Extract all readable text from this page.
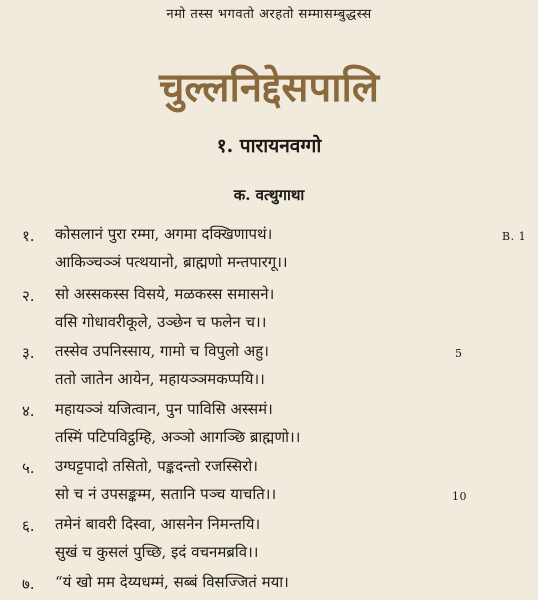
नमो तस्स भगवतो अरहतो सम्मासम्बुद्धस्स
चुल्लनिद्देसपालि
१. पारायनवग्गो
क. वत्थुगाथा
१. कोसलानं पुरा रम्मा, अगमा दक्खिणापथं।
आकिञ्चञ्ञं पत्थयानो, ब्राह्मणो मन्तपारगू।।
२. सो अस्सकस्स विसये, मळकस्स समासने।
वसि गोधावरीकूले, उञ्छेन च फलेन च।।
३. तस्सेव उपनिस्साय, गामो च विपुलो अहु।
ततो जातेन आयेन, महायञ्ञमकप्पयि।।
४. महायञ्ञं यजित्वान, पुन पाविसि अस्समं।
तस्मिं पटिपविट्ठम्हि, अञ्ञो आगञ्छि ब्राह्मणो।।
५. उग्घट्टपादो तसितो, पङ्कदन्तो रजस्सिरो।
सो च नं उपसङ्कम्म, सतानि पञ्च याचति।।
६. तमेनं बावरी दिस्वा, आसनेन निमन्तयि।
सुखं च कुसलं पुच्छि, इदं वचनमब्रवि।।
७. “यं खो मम देय्यधम्मं, सब्बं विसज्जितं मया।
B. 1
5
10
